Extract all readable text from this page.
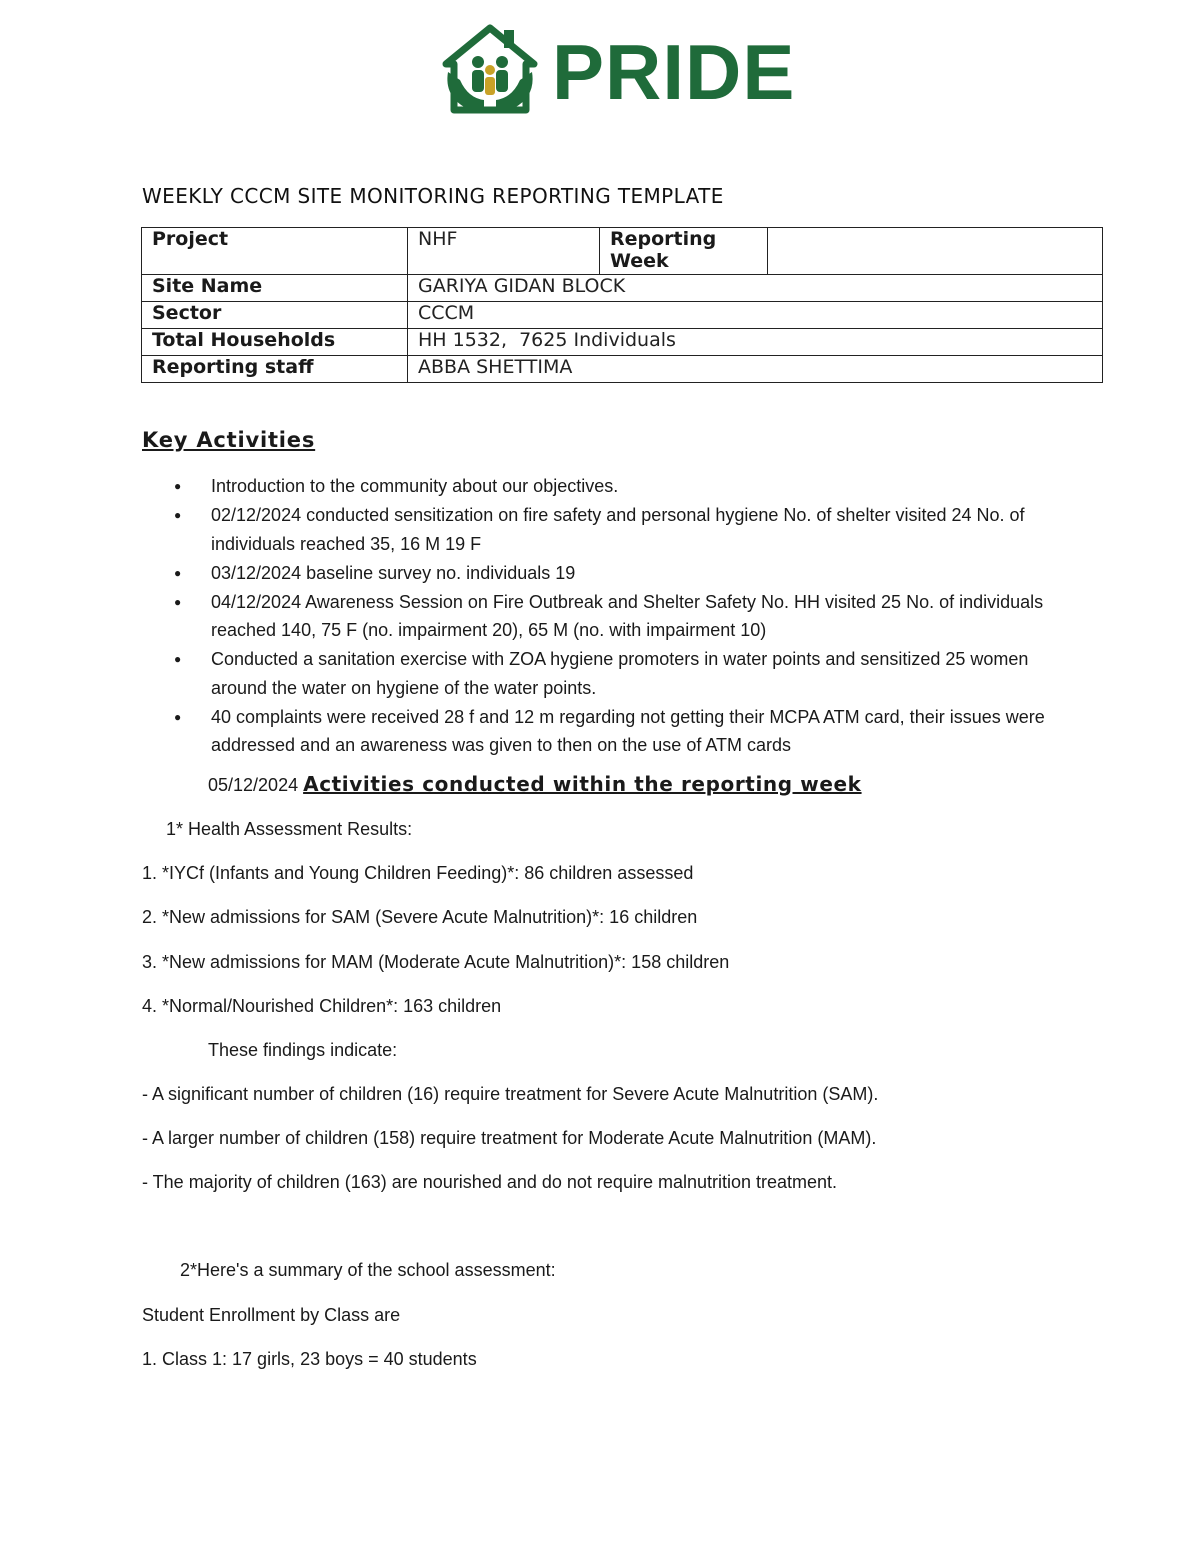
PRIDE
WEEKLY CCCM SITE MONITORING REPORTING TEMPLATE
Project	NHF	Reporting Week	
Site Name	GARIYA GIDAN BLOCK		
Sector	CCCM		
Total Households	HH 1532,  7625 Individuals		
Reporting staff	ABBA SHETTIMA		
Key Activities
● Introduction to the community about our objectives.
● 02/12/2024 conducted sensitization on fire safety and personal hygiene No. of shelter visited 24 No. of individuals reached 35, 16 M 19 F
● 03/12/2024 baseline survey no. individuals 19
● 04/12/2024 Awareness Session on Fire Outbreak and Shelter Safety No. HH visited 25 No. of individuals reached 140, 75 F (no. impairment 20), 65 M (no. with impairment 10)
● Conducted a sanitation exercise with ZOA hygiene promoters in water points and sensitized 25 women around the water on hygiene of the water points.
● 40 complaints were received 28 f and 12 m regarding not getting their MCPA ATM card, their issues were addressed and an awareness was given to then on the use of ATM cards
05/12/2024 Activities conducted within the reporting week
1* Health Assessment Results:
1. *IYCf (Infants and Young Children Feeding)*: 86 children assessed
2. *New admissions for SAM (Severe Acute Malnutrition)*: 16 children
3. *New admissions for MAM (Moderate Acute Malnutrition)*: 158 children
4. *Normal/Nourished Children*: 163 children
These findings indicate:
- A significant number of children (16) require treatment for Severe Acute Malnutrition (SAM).
- A larger number of children (158) require treatment for Moderate Acute Malnutrition (MAM).
- The majority of children (163) are nourished and do not require malnutrition treatment.
2*Here's a summary of the school assessment:
Student Enrollment by Class are
1. Class 1: 17 girls, 23 boys = 40 students
